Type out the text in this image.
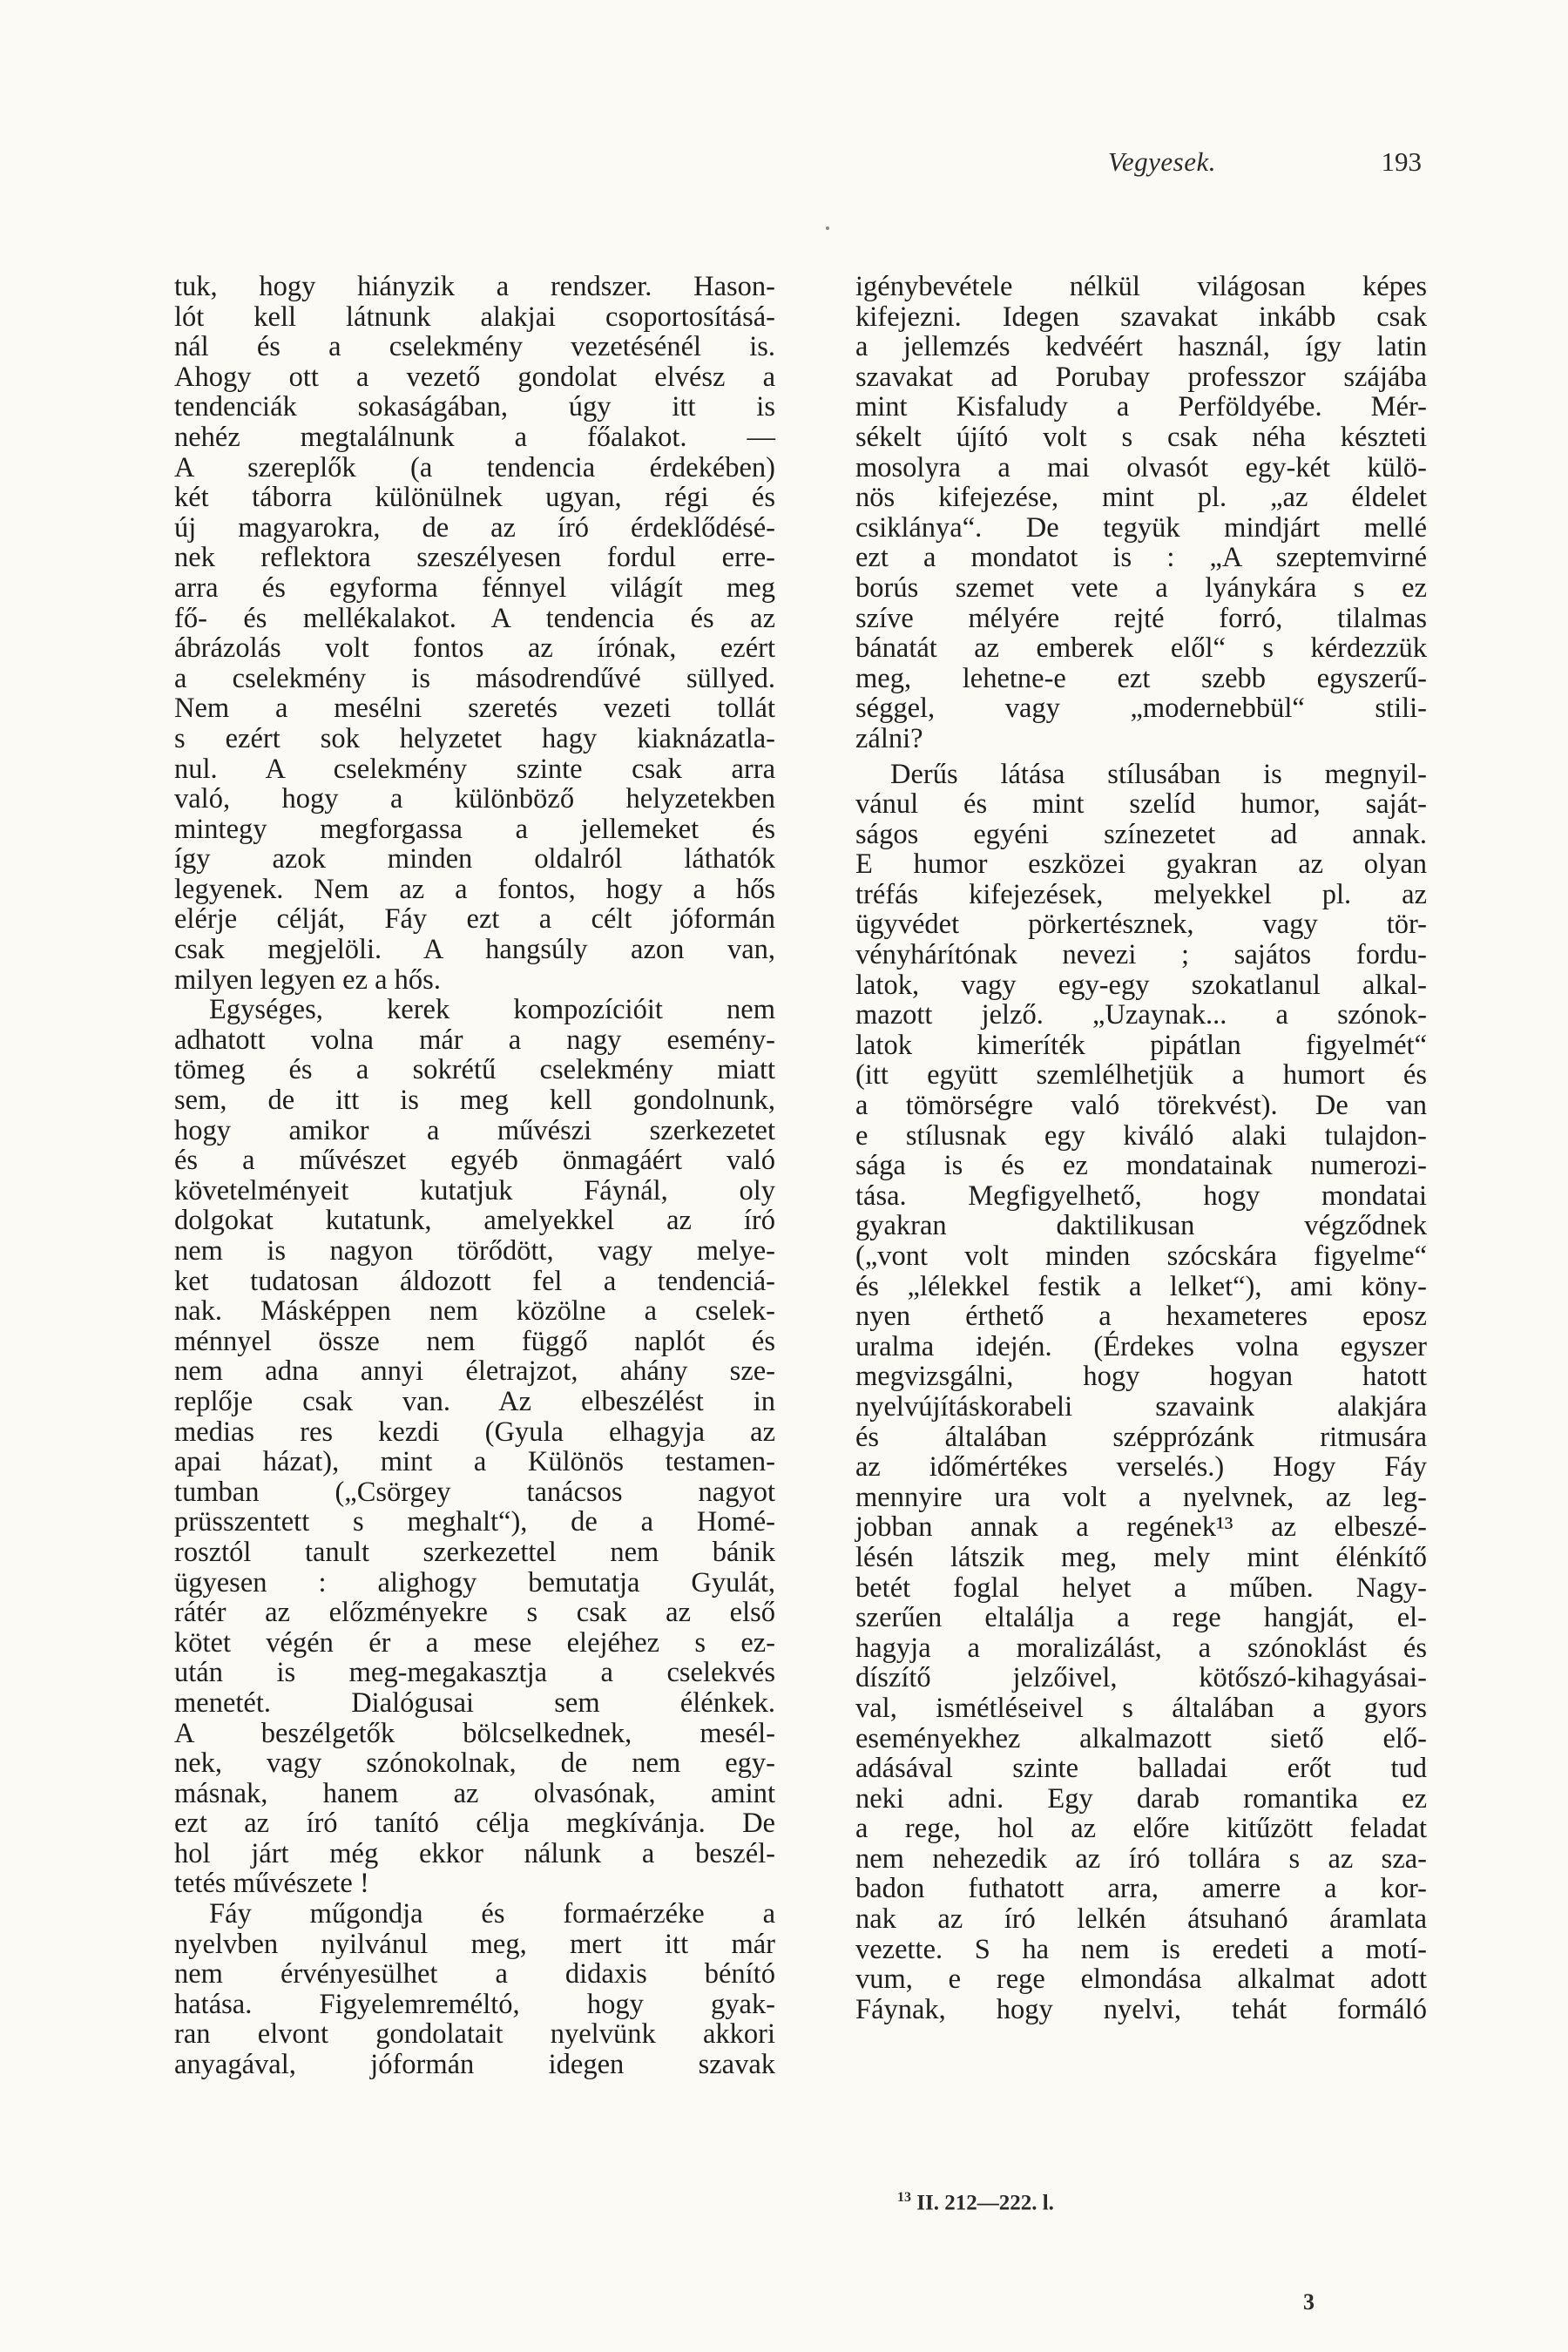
Vegyesek.	193
tuk, hogy hiányzik a rendszer. Hason-
lót kell látnunk alakjai csoportosításá-
nál és a cselekmény vezetésénél is.
Ahogy ott a vezető gondolat elvész a
tendenciák sokaságában, úgy itt is
nehéz megtalálnunk a főalakot. —
A szereplők (a tendencia érdekében)
két táborra különülnek ugyan, régi és
új magyarokra, de az író érdeklődésé-
nek reflektora szeszélyesen fordul erre-
arra és egyforma fénnyel világít meg
fő- és mellékalakot. A tendencia és az
ábrázolás volt fontos az írónak, ezért
a cselekmény is másodrendűvé süllyed.
Nem a mesélni szeretés vezeti tollát
s ezért sok helyzetet hagy kiaknázatla-
nul. A cselekmény szinte csak arra
való, hogy a különböző helyzetekben
mintegy megforgassa a jellemeket és
így azok minden oldalról láthatók
legyenek. Nem az a fontos, hogy a hős
elérje célját, Fáy ezt a célt jóformán
csak megjelöli. A hangsúly azon van,
milyen legyen ez a hős.
Egységes, kerek kompozícióit nem
adhatott volna már a nagy esemény-
tömeg és a sokrétű cselekmény miatt
sem, de itt is meg kell gondolnunk,
hogy amikor a művészi szerkezetet
és a művészet egyéb önmagáért való
követelményeit kutatjuk Fáynál, oly
dolgokat kutatunk, amelyekkel az író
nem is nagyon törődött, vagy melye-
ket tudatosan áldozott fel a tendenciá-
nak. Másképpen nem közölne a cselek-
ménnyel össze nem függő naplót és
nem adna annyi életrajzot, ahány sze-
replője csak van. Az elbeszélést in
medias res kezdi (Gyula elhagyja az
apai házat), mint a Különös testamen-
tumban („Csörgey tanácsos nagyot
prüsszentett s meghalt“), de a Homé-
rosztól tanult szerkezettel nem bánik
ügyesen : alighogy bemutatja Gyulát,
rátér az előzményekre s csak az első
kötet végén ér a mese elejéhez s ez-
után is meg-megakasztja a cselekvés
menetét. Dialógusai sem élénkek.
A beszélgetők bölcselkednek, mesél-
nek, vagy szónokolnak, de nem egy-
másnak, hanem az olvasónak, amint
ezt az író tanító célja megkívánja. De
hol járt még ekkor nálunk a beszél-
tetés művészete !
Fáy műgondja és formaérzéke a
nyelvben nyilvánul meg, mert itt már
nem érvényesülhet a didaxis bénító
hatása. Figyelemreméltó, hogy gyak-
ran elvont gondolatait nyelvünk akkori
anyagával, jóformán idegen szavak
igénybevétele nélkül világosan képes
kifejezni. Idegen szavakat inkább csak
a jellemzés kedvéért használ, így latin
szavakat ad Porubay professzor szájába
mint Kisfaludy a Perföldyébe. Mér-
sékelt újító volt s csak néha készteti
mosolyra a mai olvasót egy-két külö-
nös kifejezése, mint pl. „az éldelet
csiklánya“. De tegyük mindjárt mellé
ezt a mondatot is : „A szeptemvirné
borús szemet vete a lyánykára s ez
szíve mélyére rejté forró, tilalmas
bánatát az emberek elől“ s kérdezzük
meg, lehetne-e ezt szebb egyszerű-
séggel, vagy „modernebbül“ stili-
zálni?
Derűs látása stílusában is megnyil-
vánul és mint szelíd humor, saját-
ságos egyéni színezetet ad annak.
E humor eszközei gyakran az olyan
tréfás kifejezések, melyekkel pl. az
ügyvédet pörkertésznek, vagy tör-
vényhárítónak nevezi ; sajátos fordu-
latok, vagy egy-egy szokatlanul alkal-
mazott jelző. „Uzaynak... a szónok-
latok kimeríték pipátlan figyelmét“
(itt együtt szemlélhetjük a humort és
a tömörségre való törekvést). De van
e stílusnak egy kiváló alaki tulajdon-
sága is és ez mondatainak numerozi-
tása. Megfigyelhető, hogy mondatai
gyakran daktilikusan végződnek
(„vont volt minden szócskára figyelme“
és „lélekkel festik a lelket“), ami köny-
nyen érthető a hexameteres eposz
uralma idején. (Érdekes volna egyszer
megvizsgálni, hogy hogyan hatott
nyelvújításkorabeli szavaink alakjára
és általában szépprózánk ritmusára
az időmértékes verselés.) Hogy Fáy
mennyire ura volt a nyelvnek, az leg-
jobban annak a regének¹³ az elbeszé-
lésén látszik meg, mely mint élénkítő
betét foglal helyet a műben. Nagy-
szerűen eltalálja a rege hangját, el-
hagyja a moralizálást, a szónoklást és
díszítő jelzőivel, kötőszó-kihagyásai-
val, ismétléseivel s általában a gyors
eseményekhez alkalmazott siető elő-
adásával szinte balladai erőt tud
neki adni. Egy darab romantika ez
a rege, hol az előre kitűzött feladat
nem nehezedik az író tollára s az sza-
badon futhatott arra, amerre a kor-
nak az író lelkén átsuhanó áramlata
vezette. S ha nem is eredeti a motí-
vum, e rege elmondása alkalmat adott
Fáynak, hogy nyelvi, tehát formáló
$^{13}$ II. 212—222. l.
3
